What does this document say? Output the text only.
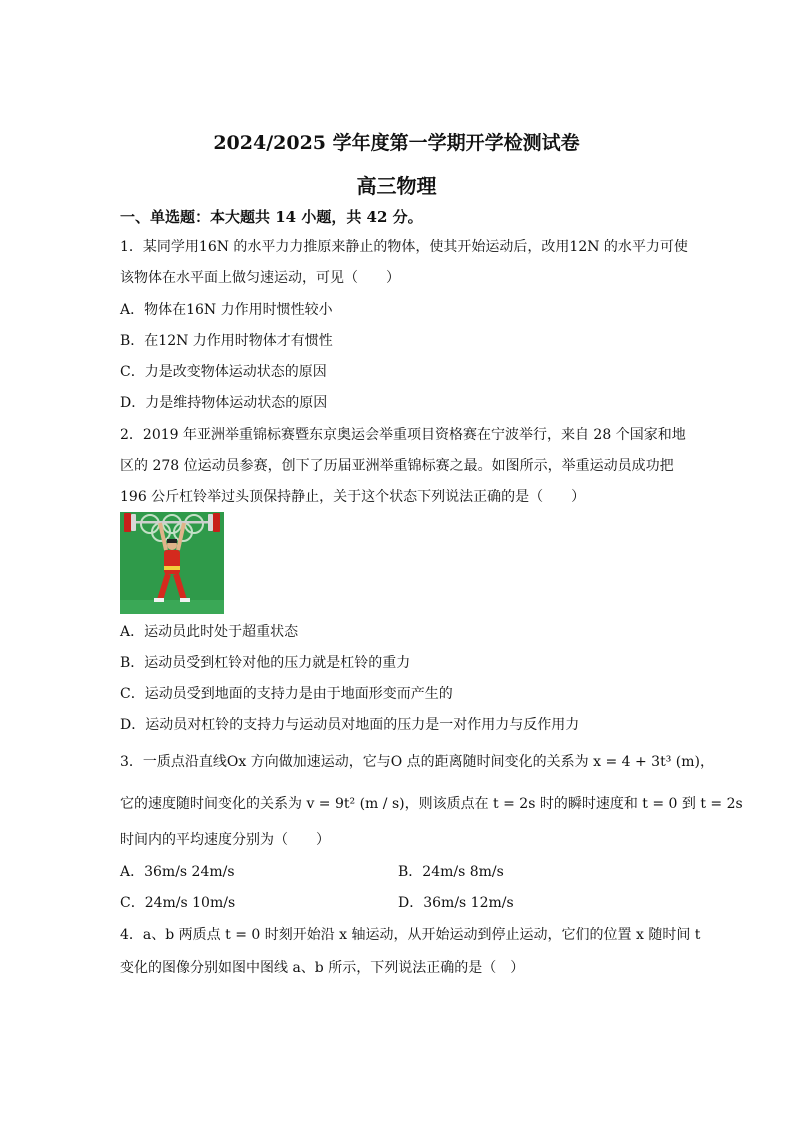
2024/2025 学年度第一学期开学检测试卷
高三物理
一、单选题：本大题共 14 小题，共 42 分。
1．某同学用16N 的水平力力推原来静止的物体，使其开始运动后，改用12N 的水平力可使
该物体在水平面上做匀速运动，可见（　　）
A．物体在16N 力作用时惯性较小
B．在12N 力作用时物体才有惯性
C．力是改变物体运动状态的原因
D．力是维持物体运动状态的原因
2．2019 年亚洲举重锦标赛暨东京奥运会举重项目资格赛在宁波举行，来自 28 个国家和地
区的 278 位运动员参赛，创下了历届亚洲举重锦标赛之最。如图所示，举重运动员成功把
196 公斤杠铃举过头顶保持静止，关于这个状态下列说法正确的是（　　）
A．运动员此时处于超重状态
B．运动员受到杠铃对他的压力就是杠铃的重力
C．运动员受到地面的支持力是由于地面形变而产生的
D．运动员对杠铃的支持力与运动员对地面的压力是一对作用力与反作用力
3．一质点沿直线Ox 方向做加速运动，它与O 点的距离随时间变化的关系为 x = 4 + 3t³ (m)，
它的速度随时间变化的关系为 v = 9t² (m / s)，则该质点在 t = 2s 时的瞬时速度和 t = 0 到 t = 2s
时间内的平均速度分别为（　　）
A．36m/s 24m/s	B．24m/s 8m/s
C．24m/s 10m/s	D．36m/s 12m/s
4．a、b 两质点 t = 0 时刻开始沿 x 轴运动，从开始运动到停止运动，它们的位置 x 随时间 t
变化的图像分别如图中图线 a、b 所示，下列说法正确的是（　）
